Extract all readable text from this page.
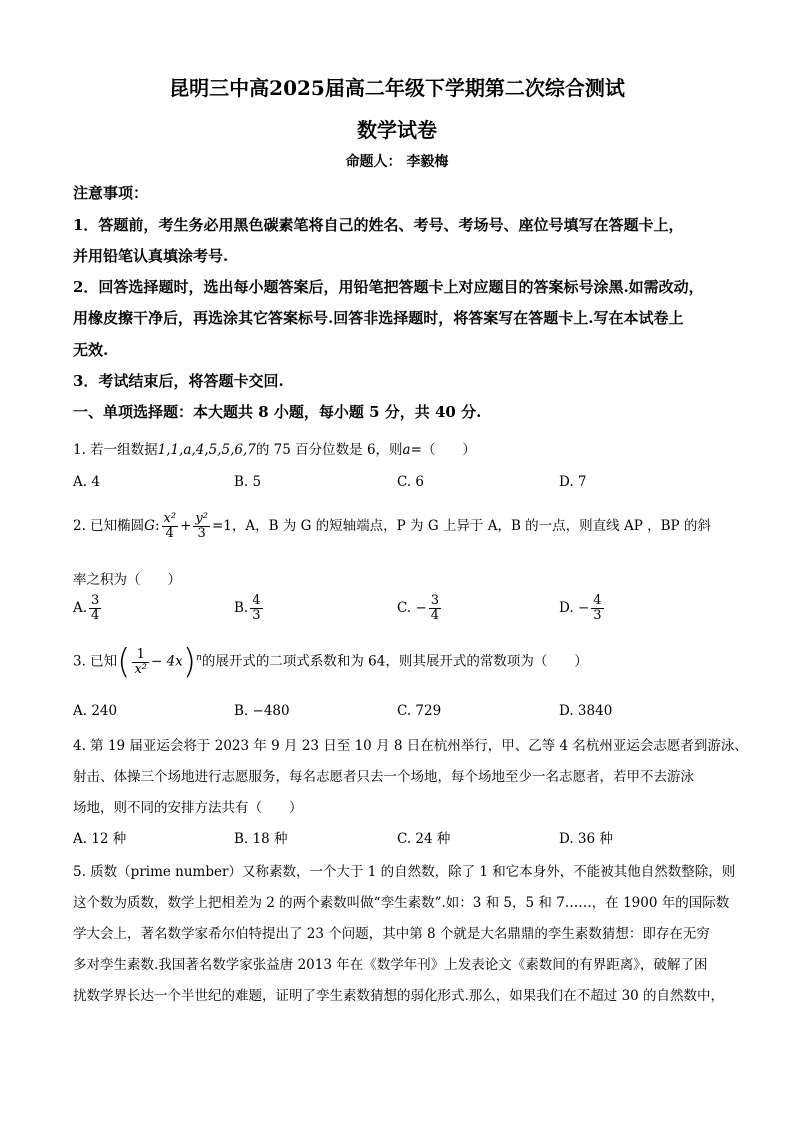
昆明三中高2025届高二年级下学期第二次综合测试
数学试卷
命题人： 李毅梅
注意事项：
1．答题前，考生务必用黑色碳素笔将自己的姓名、考号、考场号、座位号填写在答题卡上，
并用铅笔认真填涂考号.
2．回答选择题时，选出每小题答案后，用铅笔把答题卡上对应题目的答案标号涂黑.如需改动，
用橡皮擦干净后，再选涂其它答案标号.回答非选择题时，将答案写在答题卡上.写在本试卷上
无效.
3．考试结束后，将答题卡交回.
一、单项选择题：本大题共 8 小题，每小题 5 分，共 40 分.
1. 若一组数据1,1,a,4,5,5,6,7的 75 百分位数是 6，则a=（　　）
A. 4	B. 5	C. 6	D. 7
2. 已知椭圆G: $\frac{\text{x²}}{4} + \frac{\text{y²}}{3} =1$，A，B 为 G 的短轴端点，P 为 G 上异于 A，B 的一点，则直线 AP ，BP 的斜
率之积为（　　）
A. $\frac{3}{4}$	B. $\frac{4}{3}$	C. − $\frac{3}{4}$	D. − $\frac{4}{3}$
3. 已知( $\frac{1}{\text{x²}} - 4x)^n$的展开式的二项式系数和为 64，则其展开式的常数项为（　　）
A. 240	B. −480	C. 729	D. 3840
4. 第 19 届亚运会将于 2023 年 9 月 23 日至 10 月 8 日在杭州举行，甲、乙等 4 名杭州亚运会志愿者到游泳、
射击、体操三个场地进行志愿服务，每名志愿者只去一个场地，每个场地至少一名志愿者，若甲不去游泳
场地，则不同的安排方法共有（　　）
A. 12 种	B. 18 种	C. 24 种	D. 36 种
5. 质数（prime number）又称素数，一个大于 1 的自然数，除了 1 和它本身外，不能被其他自然数整除，则
这个数为质数，数学上把相差为 2 的两个素数叫做“孪生素数”.如：3 和 5，5 和 7……，在 1900 年的国际数
学大会上，著名数学家希尔伯特提出了 23 个问题，其中第 8 个就是大名鼎鼎的孪生素数猜想：即存在无穷
多对孪生素数.我国著名数学家张益唐 2013 年在《数学年刊》上发表论文《素数间的有界距离》，破解了困
扰数学界长达一个半世纪的难题，证明了孪生素数猜想的弱化形式.那么，如果我们在不超过 30 的自然数中，
